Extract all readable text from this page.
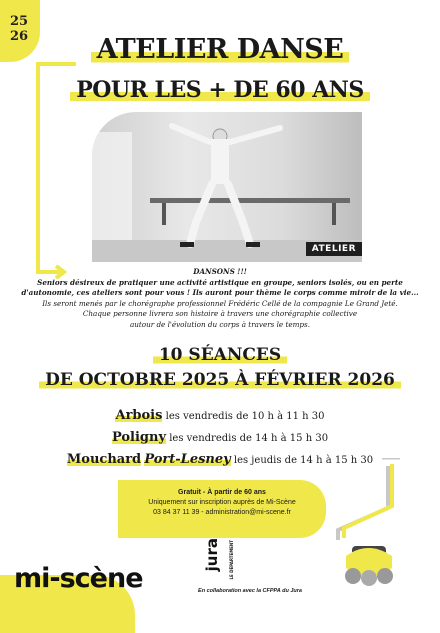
25
26	ATELIER DANSE
POUR LES + DE 60 ANS
ATELIER
DANSONS !!!
Seniors désireux de pratiquer une activité artistique en groupe, seniors isolés, ou en perte
d'autonomie, ces ateliers sont pour vous ! Ils auront pour thème le corps comme miroir de la vie...
Ils seront menés par le chorégraphe professionnel Frédéric Cellé de la compagnie Le Grand Jeté.
Chaque personne livrera son histoire à travers une chorégraphie collective
autour de l'évolution du corps à travers le temps.
10 SÉANCES
DE OCTOBRE 2025 À FÉVRIER 2026
Arbois les vendredis de 10 h à 11 h 30
Poligny les vendredis de 14 h à 15 h 30
Mouchard Port-Lesney les jeudis de 14 h à 15 h 30
Gratuit - À partir de 60 ans
Uniquement sur inscription auprès de Mi-Scène
03 84 37 11 39 - administration@mi-scene.fr
jura LE DÉPARTEMENT
En collaboration avec la CFPPA du Jura
mi-scène
